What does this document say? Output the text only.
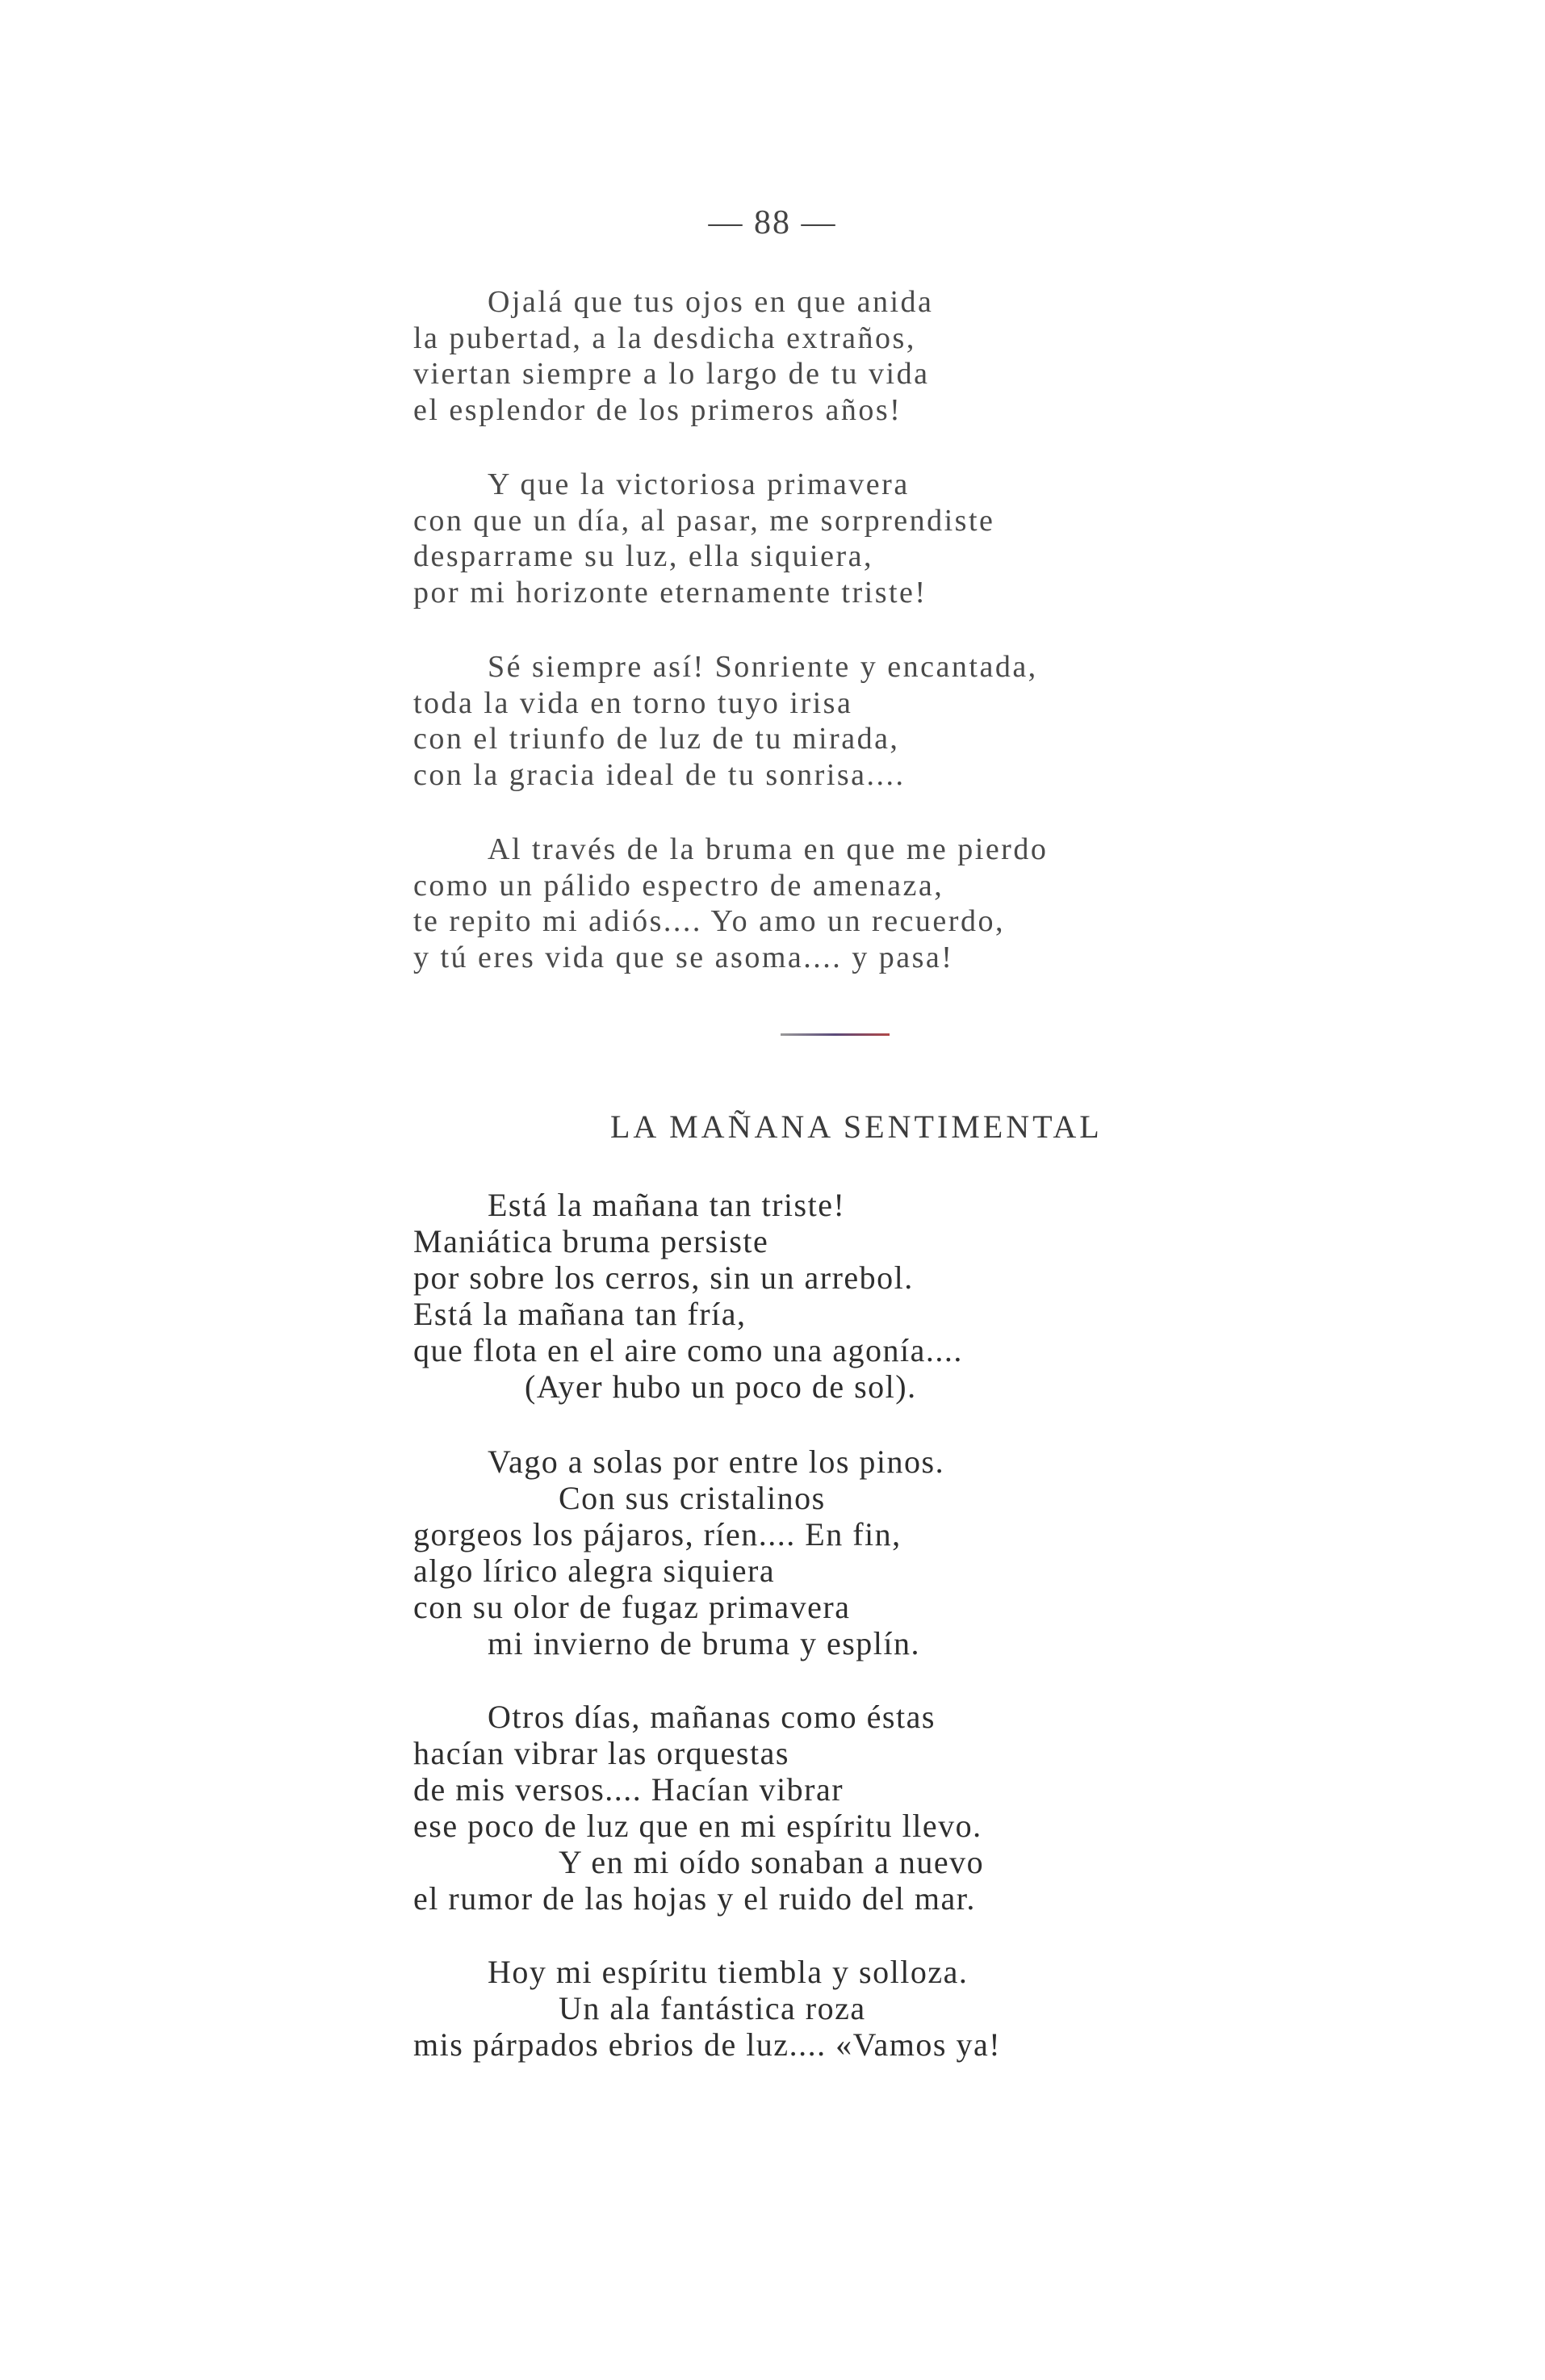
— 88 —
Ojalá que tus ojos en que anida
la pubertad, a la desdicha extraños,
viertan siempre a lo largo de tu vida
el esplendor de los primeros años!
Y que la victoriosa primavera
con que un día, al pasar, me sorprendiste
desparrame su luz, ella siquiera,
por mi horizonte eternamente triste!
Sé siempre así! Sonriente y encantada,
toda la vida en torno tuyo irisa
con el triunfo de luz de tu mirada,
con la gracia ideal de tu sonrisa....
Al través de la bruma en que me pierdo
como un pálido espectro de amenaza,
te repito mi adiós.... Yo amo un recuerdo,
y tú eres vida que se asoma.... y pasa!
LA MAÑANA SENTIMENTAL
Está la mañana tan triste!
Maniática bruma persiste
por sobre los cerros, sin un arrebol.
Está la mañana tan fría,
que flota en el aire como una agonía....
(Ayer hubo un poco de sol).
Vago a solas por entre los pinos.
Con sus cristalinos
gorgeos los pájaros, ríen.... En fin,
algo lírico alegra siquiera
con su olor de fugaz primavera
mi invierno de bruma y esplín.
Otros días, mañanas como éstas
hacían vibrar las orquestas
de mis versos.... Hacían vibrar
ese poco de luz que en mi espíritu llevo.
Y en mi oído sonaban a nuevo
el rumor de las hojas y el ruido del mar.
Hoy mi espíritu tiembla y solloza.
Un ala fantástica roza
mis párpados ebrios de luz.... «Vamos ya!
